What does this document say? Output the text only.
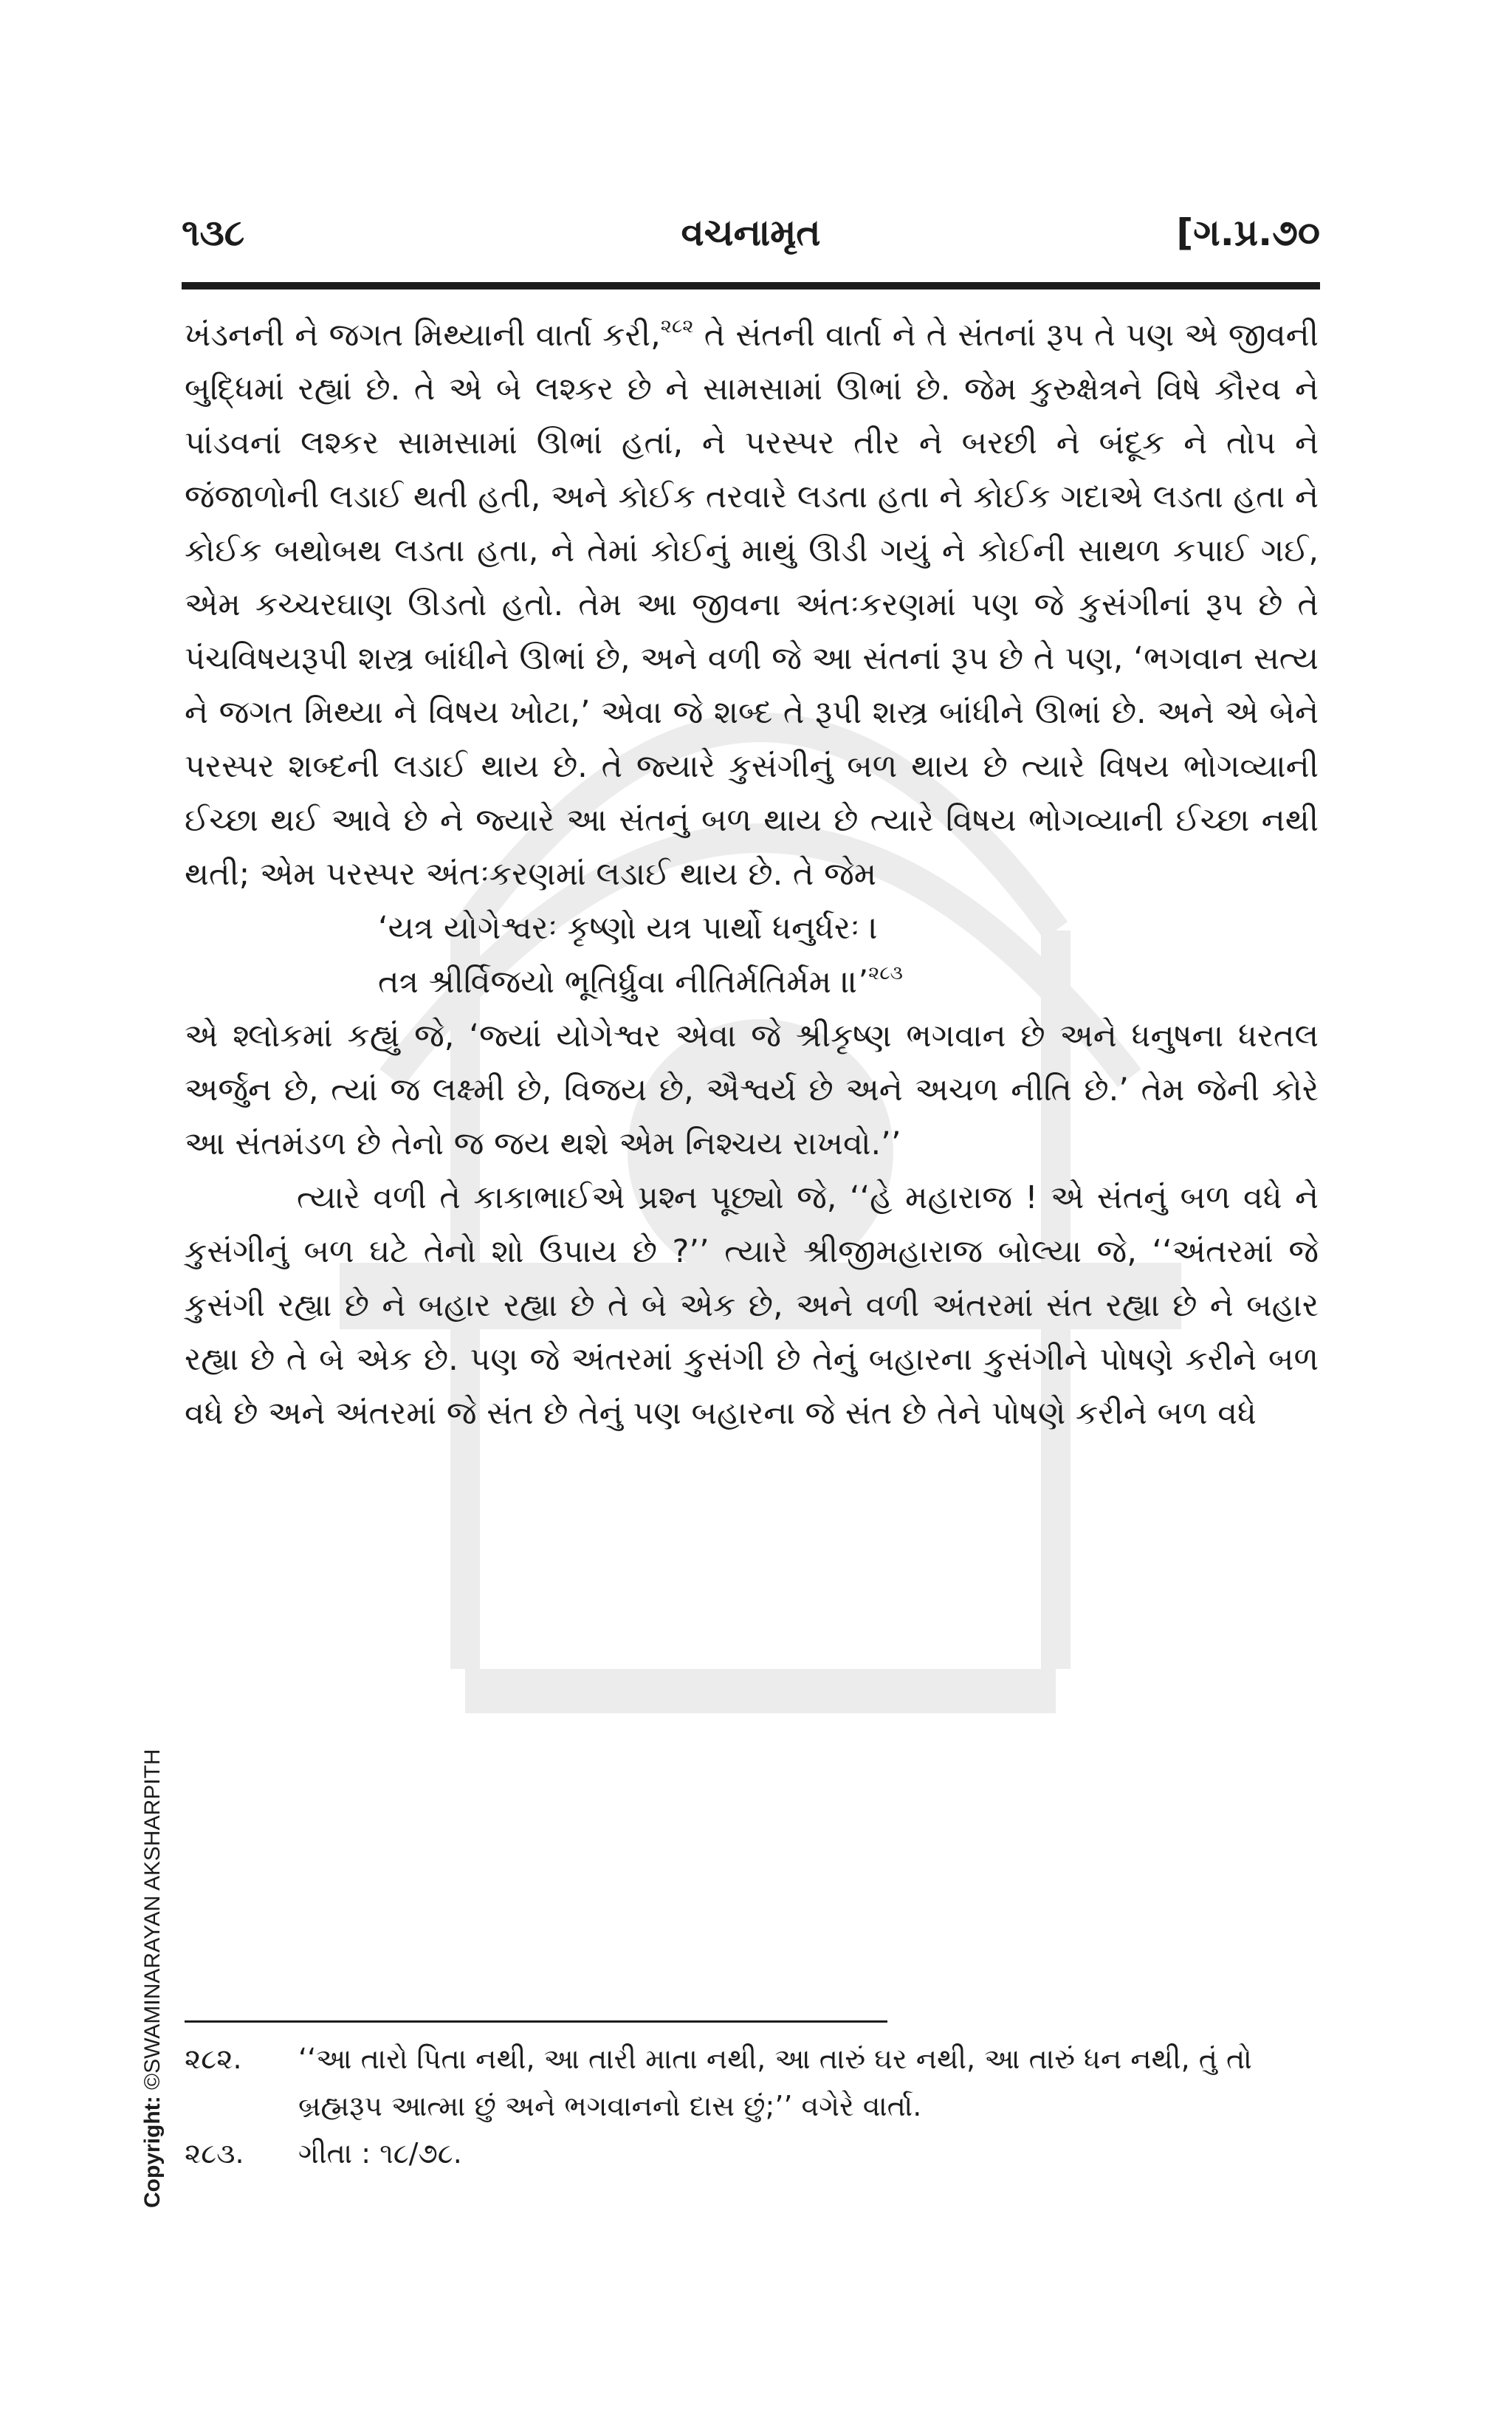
૧૩૮	વચનામૃત	[ગ.પ્ર.૭૦

ખંડનની ને જગત મિથ્યાની વાર્તા કરી,$^{૨૮૨}$ તે સંતની વાર્તા ને તે સંતનાં રૂપ તે પણ એ જીવની બુદ્ધિમાં રહ્યાં છે. તે એ બે લશ્કર છે ને સામસામાં ઊભાં છે. જેમ કુરુક્ષેત્રને વિષે કૌરવ ને પાંડવનાં લશ્કર સામસામાં ઊભાં હતાં, ને પરસ્પર તીર ને બરછી ને બંદૂક ને તોપ ને જંજાળોની લડાઈ થતી હતી, અને કોઈક તરવારે લડતા હતા ને કોઈક ગદાએ લડતા હતા ને કોઈક બથોબથ લડતા હતા, ને તેમાં કોઈનું માથું ઊડી ગયું ને કોઈની સાથળ કપાઈ ગઈ, એમ કચ્ચરઘાણ ઊડતો હતો. તેમ આ જીવના અંતઃકરણમાં પણ જે કુસંગીનાં રૂપ છે તે પંચવિષયરૂપી શસ્ત્ર બાંધીને ઊભાં છે, અને વળી જે આ સંતનાં રૂપ છે તે પણ, ‘ભગવાન સત્ય ને જગત મિથ્યા ને વિષય ખોટા,’ એવા જે શબ્દ તે રૂપી શસ્ત્ર બાંધીને ઊભાં છે. અને એ બેને પરસ્પર શબ્દની લડાઈ થાય છે. તે જ્યારે કુસંગીનું બળ થાય છે ત્યારે વિષય ભોગવ્યાની ઈચ્છા થઈ આવે છે ને જ્યારે આ સંતનું બળ થાય છે ત્યારે વિષય ભોગવ્યાની ઈચ્છા નથી થતી; એમ પરસ્પર અંતઃકરણમાં લડાઈ થાય છે. તે જેમ

‘યત્ર યોગેશ્વરઃ કૃષ્ણો યત્ર પાર્થો ધનુર્ધરઃ ।

તત્ર શ્રીર્વિજયો ભૂતિર્ધ્રુવા નીતિર્મતિર્મમ ॥’$^{૨૮૩}$

એ શ્લોકમાં કહ્યું જે, ‘જ્યાં યોગેશ્વર એવા જે શ્રીકૃષ્ણ ભગવાન છે અને ધનુષના ધરતલ અર્જુન છે, ત્યાં જ લક્ષ્મી છે, વિજય છે, ઐશ્વર્ય છે અને અચળ નીતિ છે.’ તેમ જેની કોરે આ સંતમંડળ છે તેનો જ જય થશે એમ નિશ્ચય રાખવો.’’

ત્યારે વળી તે કાકાભાઈએ પ્રશ્ન પૂછ્યો જે, ‘‘હે મહારાજ ! એ સંતનું બળ વધે ને કુસંગીનું બળ ઘટે તેનો શો ઉપાય છે ?’’ ત્યારે શ્રીજીમહારાજ બોલ્યા જે, ‘‘અંતરમાં જે કુસંગી રહ્યા છે ને બહાર રહ્યા છે તે બે એક છે, અને વળી અંતરમાં સંત રહ્યા છે ને બહાર રહ્યા છે તે બે એક છે. પણ જે અંતરમાં કુસંગી છે તેનું બહારના કુસંગીને પોષણે કરીને બળ વધે છે અને અંતરમાં જે સંત છે તેનું પણ બહારના જે સંત છે તેને પોષણે કરીને બળ વધે

૨૮૨.	‘‘આ તારો પિતા નથી, આ તારી માતા નથી, આ તારું ઘર નથી, આ તારું ધન નથી, તું તો બ્રહ્મરૂપ આત્મા છું અને ભગવાનનો દાસ છું;’’ વગેરે વાર્તા.
૨૮૩.	ગીતા : ૧૮/૭૮.
Copyright: ©SWAMINARAYAN AKSHARPITH
